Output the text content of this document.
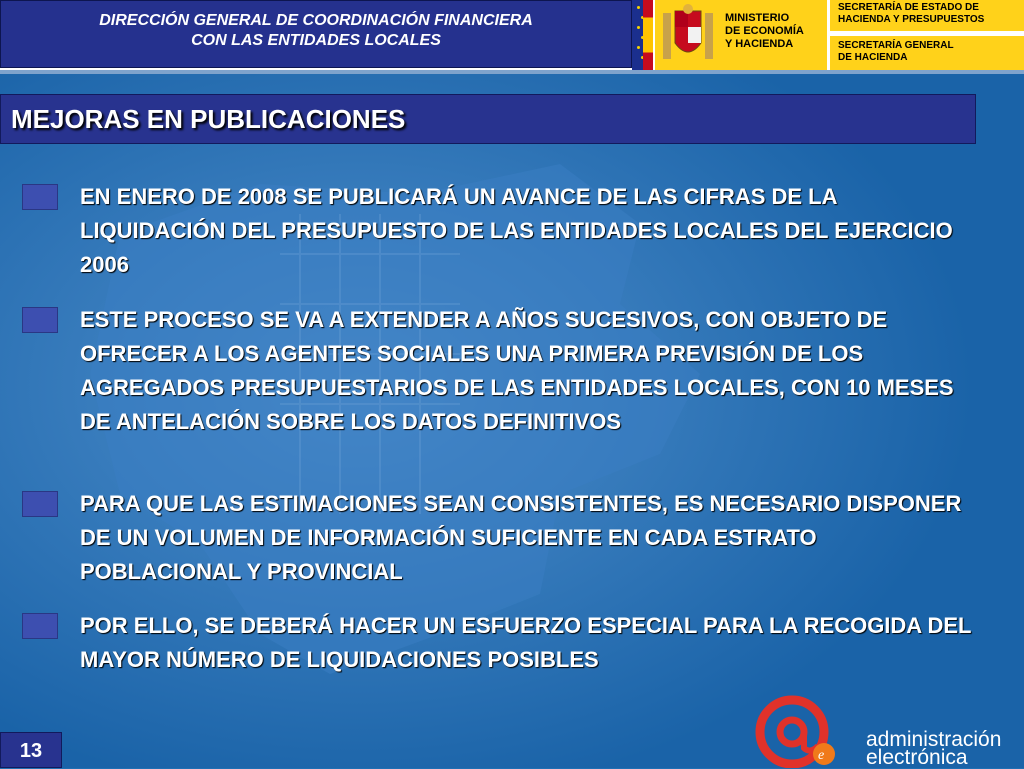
DIRECCIÓN GENERAL DE COORDINACIÓN FINANCIERA
CON LAS ENTIDADES LOCALES
MINISTERIO
DE ECONOMÍA
Y HACIENDA
SECRETARÍA DE ESTADO DE
HACIENDA Y PRESUPUESTOS
SECRETARÍA GENERAL
DE HACIENDA
MEJORAS EN PUBLICACIONES
EN ENERO DE 2008 SE PUBLICARÁ UN AVANCE DE LAS CIFRAS DE LA LIQUIDACIÓN DEL PRESUPUESTO DE LAS ENTIDADES LOCALES DEL EJERCICIO 2006
ESTE PROCESO SE VA A EXTENDER A AÑOS SUCESIVOS, CON OBJETO DE OFRECER A LOS AGENTES SOCIALES UNA PRIMERA PREVISIÓN DE LOS AGREGADOS PRESUPUESTARIOS DE LAS ENTIDADES LOCALES, CON 10 MESES DE ANTELACIÓN SOBRE LOS DATOS DEFINITIVOS
PARA QUE LAS ESTIMACIONES SEAN CONSISTENTES, ES NECESARIO DISPONER DE UN VOLUMEN DE INFORMACIÓN SUFICIENTE EN CADA ESTRATO POBLACIONAL Y PROVINCIAL
POR ELLO, SE DEBERÁ HACER UN ESFUERZO ESPECIAL PARA LA RECOGIDA DEL MAYOR NÚMERO DE LIQUIDACIONES POSIBLES
13	e
administración
electrónica
